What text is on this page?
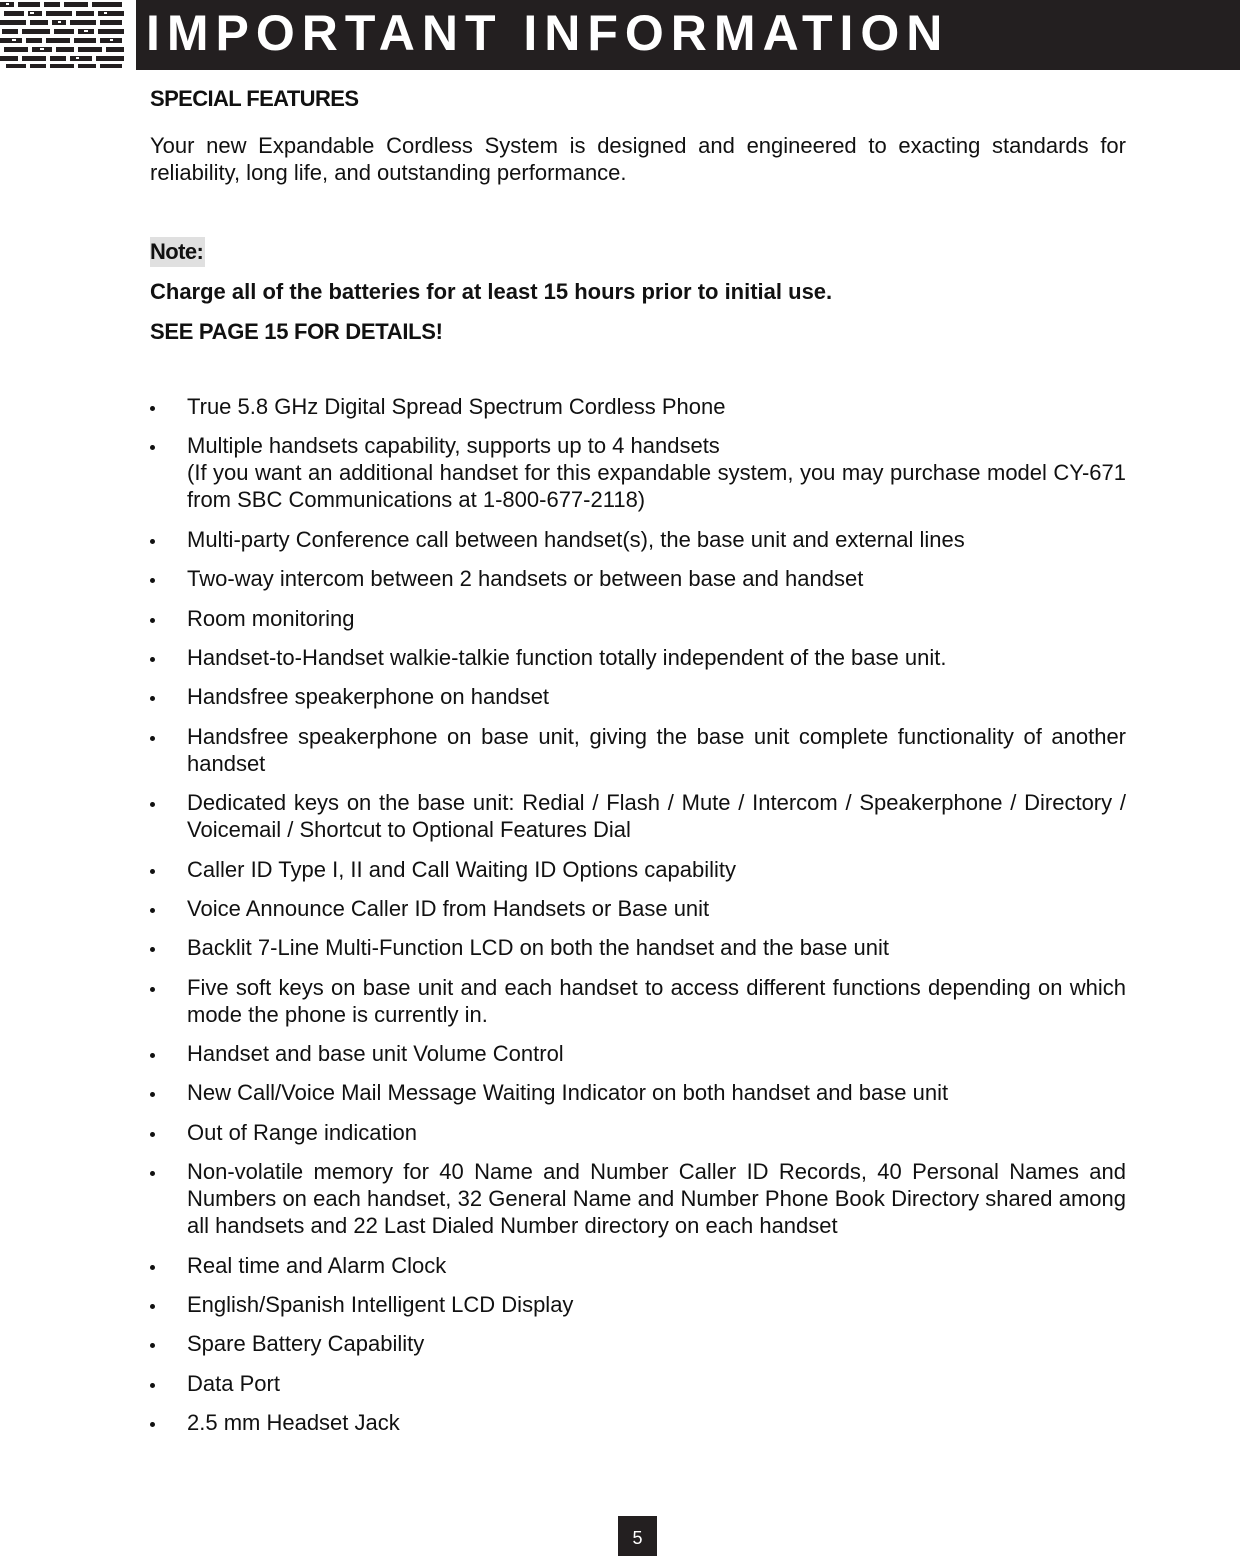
IMPORTANT INFORMATION
SPECIAL FEATURES

Your new Expandable Cordless System is designed and engineered to exacting standards for reliability, long life, and outstanding performance.

Note:

Charge all of the batteries for at least 15 hours prior to initial use.

SEE PAGE 15 FOR DETAILS!

True 5.8 GHz Digital Spread Spectrum Cordless Phone
Multiple handsets capability, supports up to 4 handsets
(If you want an additional handset for this expandable system, you may purchase model CY-671 from SBC Communications at 1-800-677-2118)
Multi-party Conference call between handset(s), the base unit and external lines
Two-way intercom between 2 handsets or between base and handset
Room monitoring
Handset-to-Handset walkie-talkie function totally independent of the base unit.
Handsfree speakerphone on handset
Handsfree speakerphone on base unit, giving the base unit complete functionality of another handset
Dedicated keys on the base unit: Redial / Flash / Mute / Intercom / Speakerphone / Directory / Voicemail / Shortcut to Optional Features Dial
Caller ID Type I, II and Call Waiting ID Options capability
Voice Announce Caller ID from Handsets or Base unit
Backlit 7-Line Multi-Function LCD on both the handset and the base unit
Five soft keys on base unit and each handset to access different functions depending on which mode the phone is currently in.
Handset and base unit Volume Control
New Call/Voice Mail Message Waiting Indicator on both handset and base unit
Out of Range indication
Non-volatile memory for 40 Name and Number Caller ID Records, 40 Personal Names and Numbers on each handset, 32 General Name and Number Phone Book Directory shared among all handsets and 22 Last Dialed Number directory on each handset
Real time and Alarm Clock
English/Spanish Intelligent LCD Display
Spare Battery Capability
Data Port
2.5 mm Headset Jack
5
